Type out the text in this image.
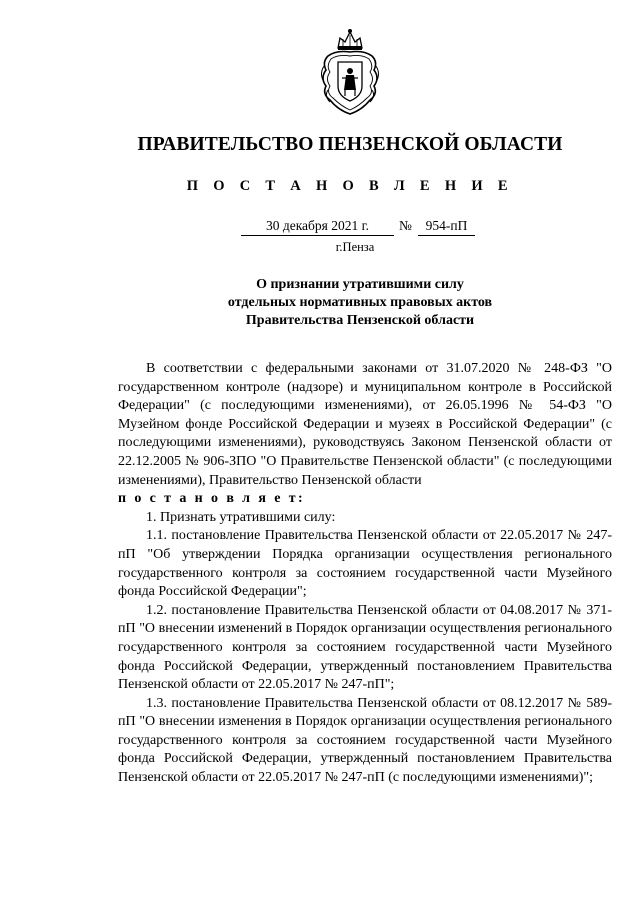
ПРАВИТЕЛЬСТВО ПЕНЗЕНСКОЙ ОБЛАСТИ
П О С Т А Н О В Л Е Н И Е
30 декабря 2021 г.	№	954-пП
г.Пенза
О признании утратившими силу
отдельных нормативных правовых актов
Правительства Пензенской области

В соответствии с федеральными законами от 31.07.2020 № 248-ФЗ "О государственном контроле (надзоре) и муниципальном контроле в Российской Федерации" (с последующими изменениями), от 26.05.1996 № 54-ФЗ "О Музейном фонде Российской Федерации и музеях в Российской Федерации" (с последующими изменениями), руководствуясь Законом Пензенской области от 22.12.2005 № 906-ЗПО "О Правительстве Пензенской области" (с последующими изменениями), Правительство Пензенской области
п о с т а н о в л я е т:

1. Признать утратившими силу:

1.1. постановление Правительства Пензенской области от 22.05.2017 № 247-пП "Об утверждении Порядка организации осуществления регионального государственного контроля за состоянием государственной части Музейного фонда Российской Федерации";

1.2. постановление Правительства Пензенской области от 04.08.2017 № 371-пП "О внесении изменений в Порядок организации осуществления регионального государственного контроля за состоянием государственной части Музейного фонда Российской Федерации, утвержденный постановлением Правительства Пензенской области от 22.05.2017 № 247-пП";

1.3. постановление Правительства Пензенской области от 08.12.2017 № 589-пП "О внесении изменения в Порядок организации осуществления регионального государственного контроля за состоянием государственной части Музейного фонда Российской Федерации, утвержденный постановлением Правительства Пензенской области от 22.05.2017 № 247-пП (с последующими изменениями)";
